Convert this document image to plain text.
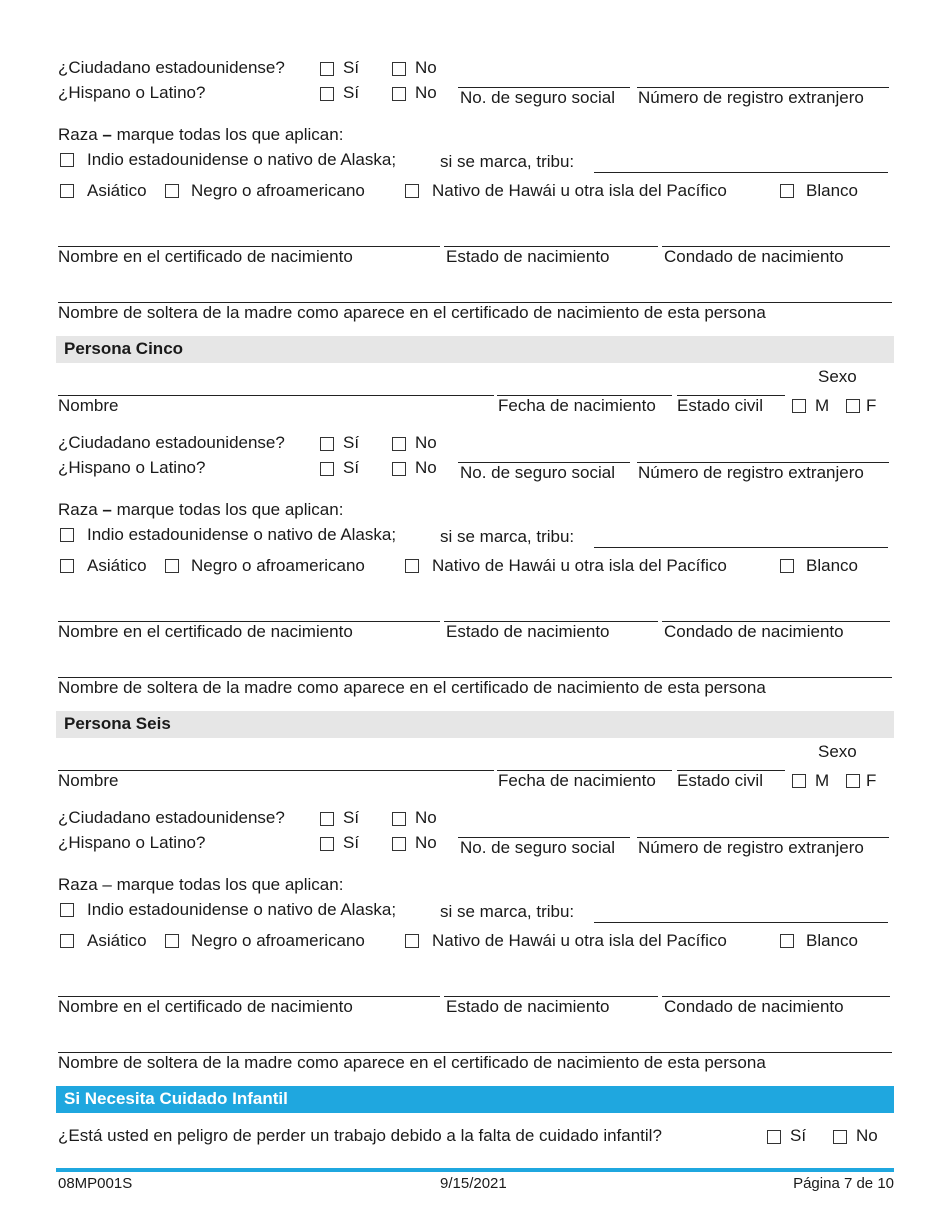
¿Ciudadano estadounidense?	Sí	No
¿Hispano o Latino?	Sí	No No. de seguro social Número de registro extranjero
Raza – marque todas los que aplican:
Indio estadounidense o nativo de Alaska;	si se marca, tribu:
Asiático	Negro o afroamericano	Nativo de Hawái u otra isla del Pacífico	Blanco
Nombre en el certificado de nacimiento	Estado de nacimiento	Condado de nacimiento
Nombre de soltera de la madre como aparece en el certificado de nacimiento de esta persona
Persona Cinco
Sexo
Nombre	Fecha de nacimiento Estado civil	M F
¿Ciudadano estadounidense?	Sí	No
¿Hispano o Latino?	Sí	No No. de seguro social Número de registro extranjero
Raza – marque todas los que aplican:
Indio estadounidense o nativo de Alaska;	si se marca, tribu:
Asiático	Negro o afroamericano	Nativo de Hawái u otra isla del Pacífico	Blanco
Nombre en el certificado de nacimiento	Estado de nacimiento	Condado de nacimiento
Nombre de soltera de la madre como aparece en el certificado de nacimiento de esta persona
Persona Seis
Sexo
Nombre	Fecha de nacimiento Estado civil	M F
¿Ciudadano estadounidense?	Sí	No
¿Hispano o Latino?	Sí	No No. de seguro social Número de registro extranjero
Raza – marque todas los que aplican:
Indio estadounidense o nativo de Alaska;	si se marca, tribu:
Asiático	Negro o afroamericano	Nativo de Hawái u otra isla del Pacífico	Blanco
Nombre en el certificado de nacimiento	Estado de nacimiento	Condado de nacimiento
Nombre de soltera de la madre como aparece en el certificado de nacimiento de esta persona
Si Necesita Cuidado Infantil
¿Está usted en peligro de perder un trabajo debido a la falta de cuidado infantil?	Sí	No
08MP001S	9/15/2021	Página 7 de 10
